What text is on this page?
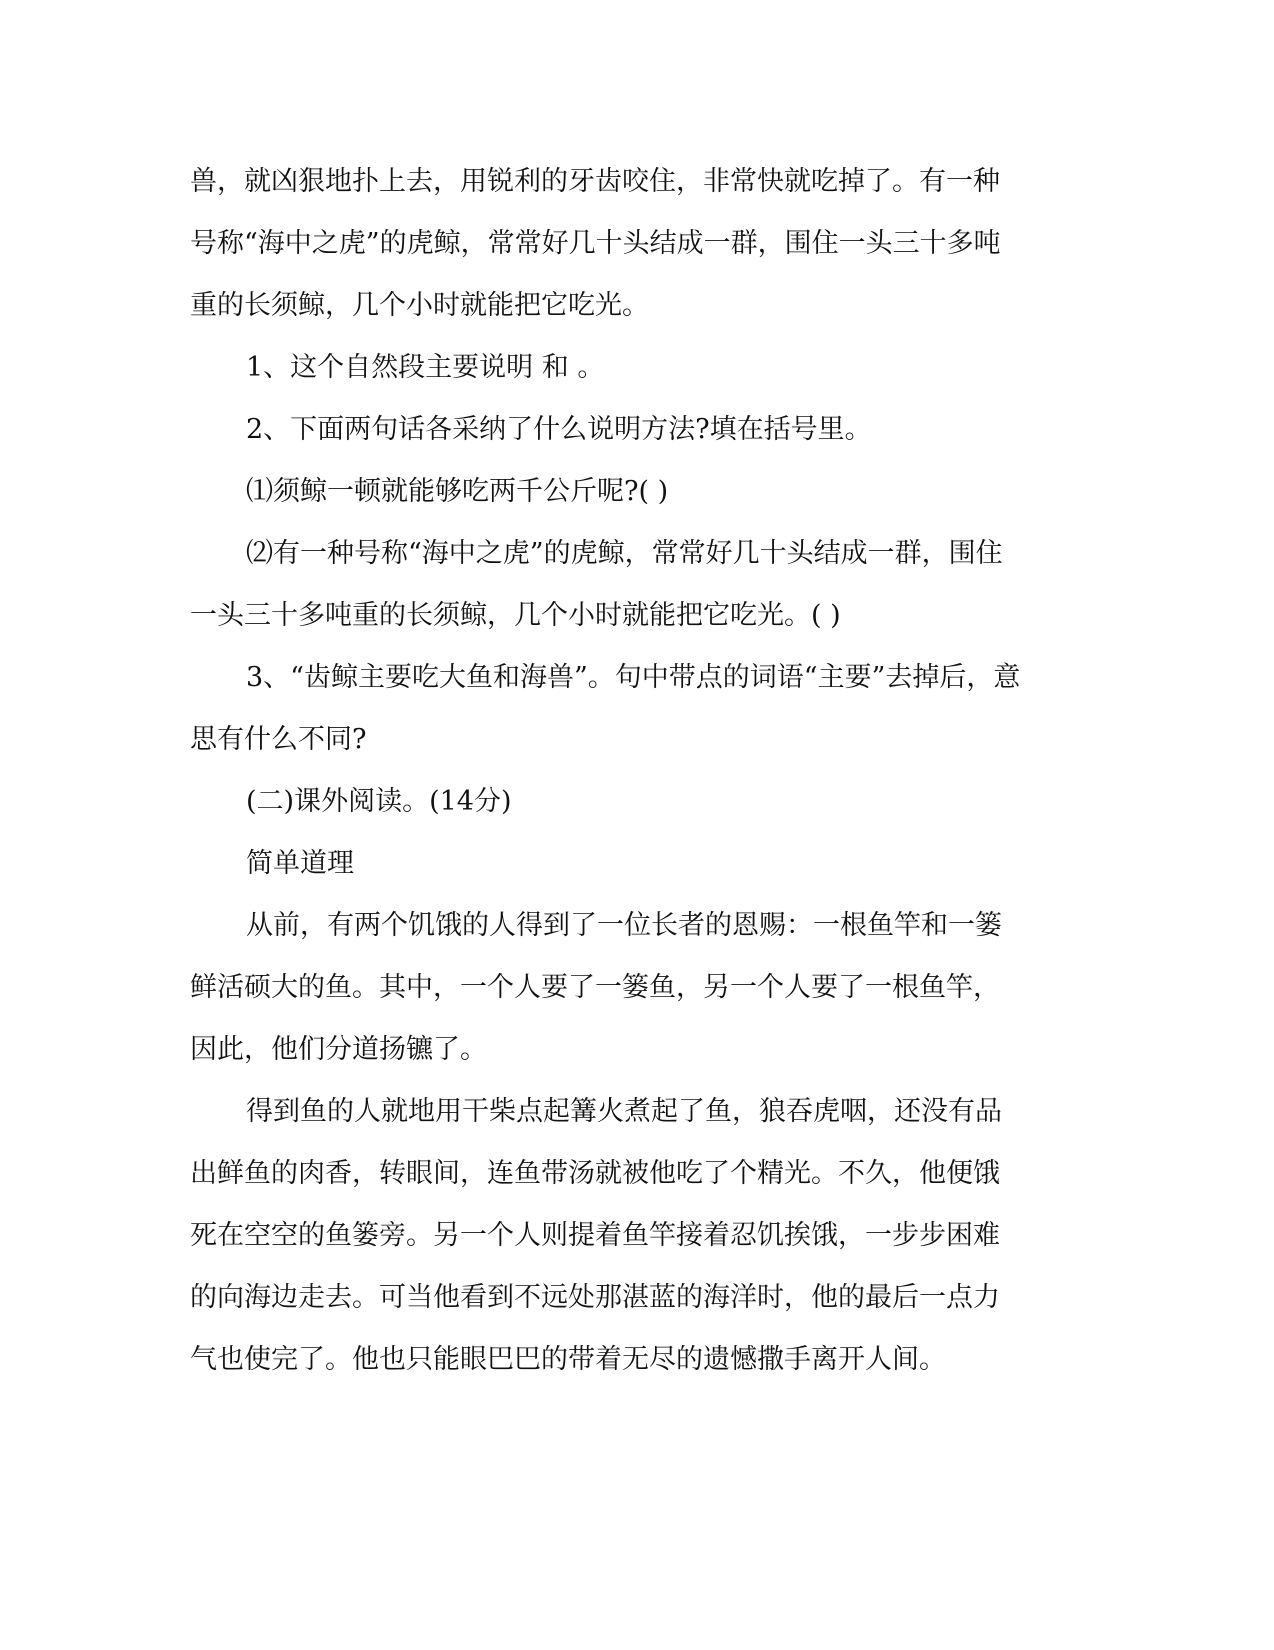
兽，就凶狠地扑上去，用锐利的牙齿咬住，非常快就吃掉了。有一种
号称“海中之虎”的虎鲸，常常好几十头结成一群，围住一头三十多吨
重的长须鲸，几个小时就能把它吃光。
1、这个自然段主要说明 和 。
2、下面两句话各采纳了什么说明方法?填在括号里。
⑴须鲸一顿就能够吃两千公斤呢?( )
⑵有一种号称“海中之虎”的虎鲸，常常好几十头结成一群，围住
一头三十多吨重的长须鲸，几个小时就能把它吃光。( )
3、“齿鲸主要吃大鱼和海兽”。句中带点的词语“主要”去掉后，意
思有什么不同?
(二)课外阅读。(14分)
简单道理
从前，有两个饥饿的人得到了一位长者的恩赐：一根鱼竿和一篓
鲜活硕大的鱼。其中，一个人要了一篓鱼，另一个人要了一根鱼竿，
因此，他们分道扬镳了。
得到鱼的人就地用干柴点起篝火煮起了鱼，狼吞虎咽，还没有品
出鲜鱼的肉香，转眼间，连鱼带汤就被他吃了个精光。不久，他便饿
死在空空的鱼篓旁。另一个人则提着鱼竿接着忍饥挨饿，一步步困难
的向海边走去。可当他看到不远处那湛蓝的海洋时，他的最后一点力
气也使完了。他也只能眼巴巴的带着无尽的遗憾撒手离开人间。
